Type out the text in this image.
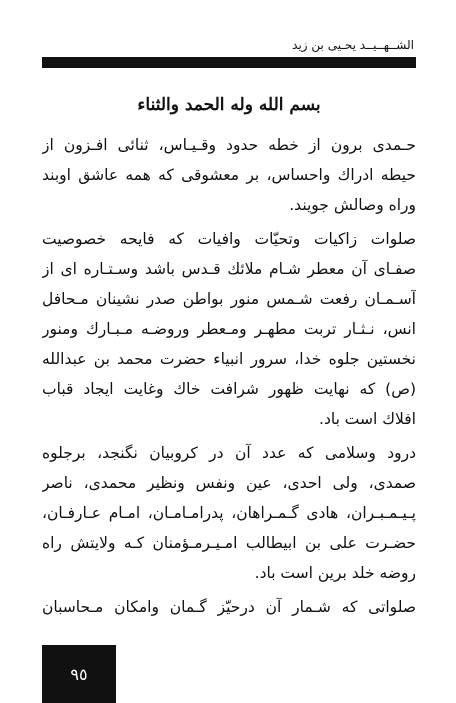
الشــهــيــد يحـيى بن زيد
بسم الله وله الحمد والثناء
حـمدى برون از خطه حدود وقـيـاس، ثنائى افـزون از
حيطه ادراك واحساس، بر معشوقى كه همه عاشق اوبند
وراه وصالش جويند.
صلوات زاكيات وتحيّات وافيات كه فايحه خصوصيت
صفـاى آن معطر شـام ملائك قـدس باشد وسـتـاره اى از
آسـمـان رفعت شـمس منور بواطن صدر نشينان مـحافل
انس، نـثـار تربت مطهـر ومـعطر وروضـه مـبـارك ومنور
نخستين جلوه خدا، سرور انبياء حضرت محمد بن عبدالله
(ص) كه نهايت ظهور شرافت خاك وغايت ايجاد قباب
افلاك است باد.
درود وسلامى كه عدد آن در كروبيان نگنجد، برجلوه
صمدى، ولى احدى، عين ونفس ونظير محمدى، ناصر
پـيـمـبـران، هادى گـمـراهان، پدرامـامـان، امـام عـارفـان،
حضـرت على بن ابيطالب امـيـرمـؤمنان كـه ولايتش راه
روضه خلد برين است باد.
صلواتى كه شـمار آن درحيّز گـمان وامكان مـحاسبان
٩٥
